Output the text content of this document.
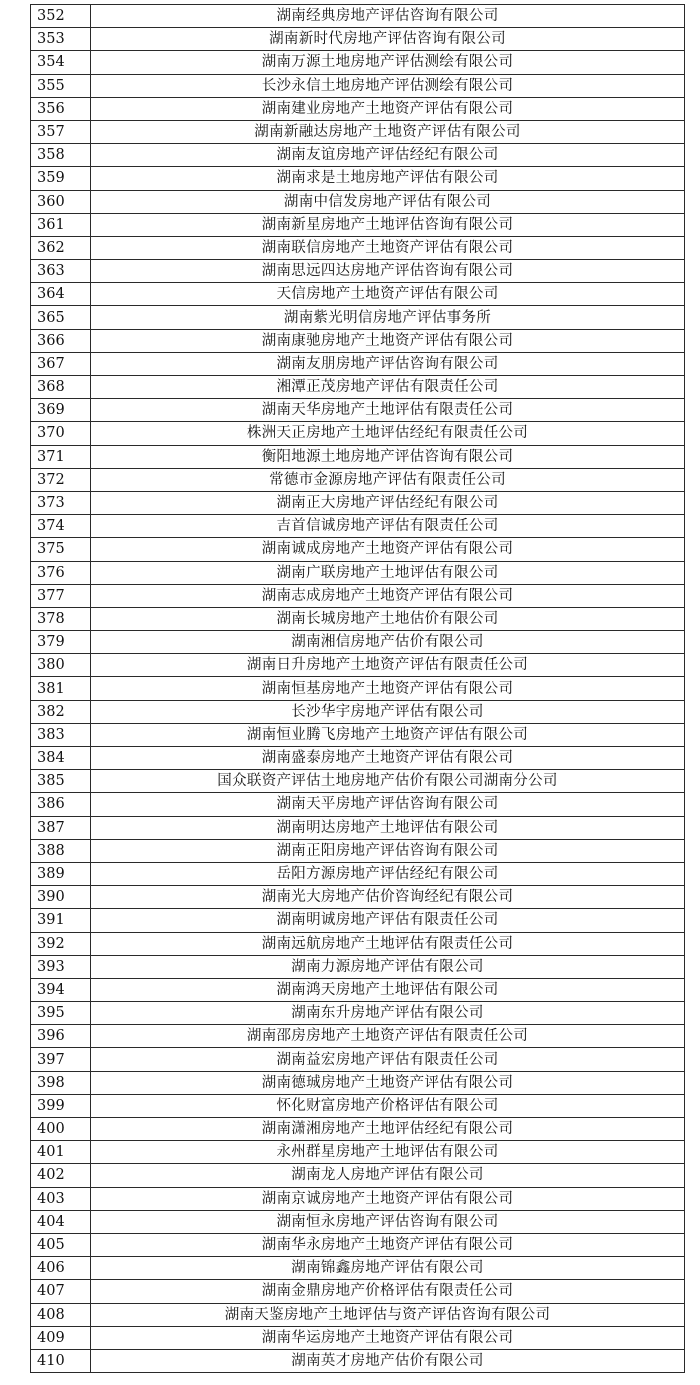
352	湖南经典房地产评估咨询有限公司
353	湖南新时代房地产评估咨询有限公司
354	湖南万源土地房地产评估测绘有限公司
355	长沙永信土地房地产评估测绘有限公司
356	湖南建业房地产土地资产评估有限公司
357	湖南新融达房地产土地资产评估有限公司
358	湖南友谊房地产评估经纪有限公司
359	湖南求是土地房地产评估有限公司
360	湖南中信发房地产评估有限公司
361	湖南新星房地产土地评估咨询有限公司
362	湖南联信房地产土地资产评估有限公司
363	湖南思远四达房地产评估咨询有限公司
364	天信房地产土地资产评估有限公司
365	湖南紫光明信房地产评估事务所
366	湖南康驰房地产土地资产评估有限公司
367	湖南友朋房地产评估咨询有限公司
368	湘潭正茂房地产评估有限责任公司
369	湖南天华房地产土地评估有限责任公司
370	株洲天正房地产土地评估经纪有限责任公司
371	衡阳地源土地房地产评估咨询有限公司
372	常德市金源房地产评估有限责任公司
373	湖南正大房地产评估经纪有限公司
374	吉首信诚房地产评估有限责任公司
375	湖南诚成房地产土地资产评估有限公司
376	湖南广联房地产土地评估有限公司
377	湖南志成房地产土地资产评估有限公司
378	湖南长城房地产土地估价有限公司
379	湖南湘信房地产估价有限公司
380	湖南日升房地产土地资产评估有限责任公司
381	湖南恒基房地产土地资产评估有限公司
382	长沙华宇房地产评估有限公司
383	湖南恒业腾飞房地产土地资产评估有限公司
384	湖南盛泰房地产土地资产评估有限公司
385	国众联资产评估土地房地产估价有限公司湖南分公司
386	湖南天平房地产评估咨询有限公司
387	湖南明达房地产土地评估有限公司
388	湖南正阳房地产评估咨询有限公司
389	岳阳方源房地产评估经纪有限公司
390	湖南光大房地产估价咨询经纪有限公司
391	湖南明诚房地产评估有限责任公司
392	湖南远航房地产土地评估有限责任公司
393	湖南力源房地产评估有限公司
394	湖南鸿天房地产土地评估有限公司
395	湖南东升房地产评估有限公司
396	湖南邵房房地产土地资产评估有限责任公司
397	湖南益宏房地产评估有限责任公司
398	湖南德珹房地产土地资产评估有限公司
399	怀化财富房地产价格评估有限公司
400	湖南潇湘房地产土地评估经纪有限公司
401	永州群星房地产土地评估有限公司
402	湖南龙人房地产评估有限公司
403	湖南京诚房地产土地资产评估有限公司
404	湖南恒永房地产评估咨询有限公司
405	湖南华永房地产土地资产评估有限公司
406	湖南锦鑫房地产评估有限公司
407	湖南金鼎房地产价格评估有限责任公司
408	湖南天鉴房地产土地评估与资产评估咨询有限公司
409	湖南华运房地产土地资产评估有限公司
410	湖南英才房地产估价有限公司
